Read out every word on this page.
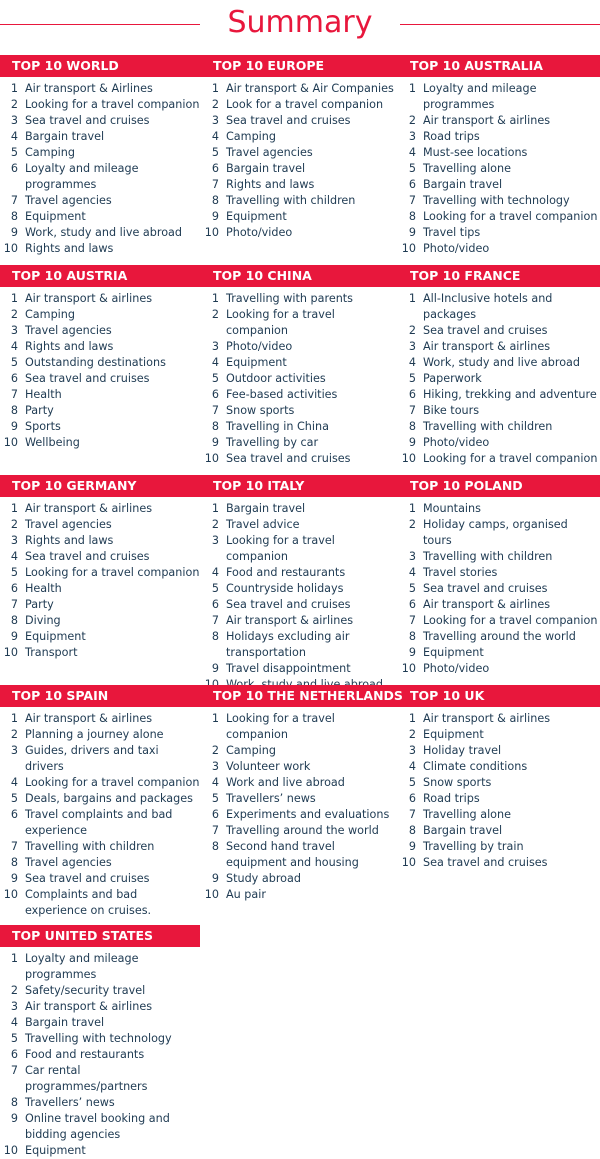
Summary
TOP 10 WORLD
1 Air transport & Airlines
2 Looking for a travel companion
3 Sea travel and cruises
4 Bargain travel
5 Camping
6 Loyalty and mileage programmes
7 Travel agencies
8 Equipment
9 Work, study and live abroad
10 Rights and laws
TOP 10 EUROPE
1 Air transport & Air Companies
2 Look for a travel companion
3 Sea travel and cruises
4 Camping
5 Travel agencies
6 Bargain travel
7 Rights and laws
8 Travelling with children
9 Equipment
10 Photo/video
TOP 10 AUSTRALIA
1 Loyalty and mileage programmes
2 Air transport & airlines
3 Road trips
4 Must-see locations
5 Travelling alone
6 Bargain travel
7 Travelling with technology
8 Looking for a travel companion
9 Travel tips
10 Photo/video
TOP 10 AUSTRIA
1 Air transport & airlines
2 Camping
3 Travel agencies
4 Rights and laws
5 Outstanding destinations
6 Sea travel and cruises
7 Health
8 Party
9 Sports
10 Wellbeing
TOP 10 CHINA
1 Travelling with parents
2 Looking for a travel companion
3 Photo/video
4 Equipment
5 Outdoor activities
6 Fee-based activities
7 Snow sports
8 Travelling in China
9 Travelling by car
10 Sea travel and cruises
TOP 10 FRANCE
1 All-Inclusive hotels and packages
2 Sea travel and cruises
3 Air transport & airlines
4 Work, study and live abroad
5 Paperwork
6 Hiking, trekking and adventure
7 Bike tours
8 Travelling with children
9 Photo/video
10 Looking for a travel companion
TOP 10 GERMANY
1 Air transport & airlines
2 Travel agencies
3 Rights and laws
4 Sea travel and cruises
5 Looking for a travel companion
6 Health
7 Party
8 Diving
9 Equipment
10 Transport
TOP 10 ITALY
1 Bargain travel
2 Travel advice
3 Looking for a travel companion
4 Food and restaurants
5 Countryside holidays
6 Sea travel and cruises
7 Air transport & airlines
8 Holidays excluding air transportation
9 Travel disappointment
TOP 10 POLAND
1 Mountains
2 Holiday camps, organised tours
3 Travelling with children
4 Travel stories
5 Sea travel and cruises
6 Air transport & airlines
7 Looking for a travel companion
8 Travelling around the world
9 Equipment
10 Photo/video
TOP 10 SPAIN
1 Air transport & airlines
2 Planning a journey alone
3 Guides, drivers and taxi drivers
4 Looking for a travel companion
5 Deals, bargains and packages
6 Travel complaints and bad experience
7 Travelling with children
8 Travel agencies
9 Sea travel and cruises
10 Complaints and bad experience on cruises.
TOP 10 THE NETHERLANDS
1 Looking for a travel companion
2 Camping
3 Volunteer work
4 Work and live abroad
5 Travellers’ news
6 Experiments and evaluations
7 Travelling around the world
8 Second hand travel equipment and housing
9 Study abroad
10 Au pair
TOP 10 UK
1 Air transport & airlines
2 Equipment
3 Holiday travel
4 Climate conditions
5 Snow sports
6 Road trips
7 Travelling alone
8 Bargain travel
9 Travelling by train
10 Sea travel and cruises
TOP UNITED STATES
1 Loyalty and mileage programmes
2 Safety/security travel
3 Air transport & airlines
4 Bargain travel
5 Travelling with technology
6 Food and restaurants
7 Car rental programmes/partners
8 Travellers’ news
9 Online travel booking and bidding agencies
10 Equipment
